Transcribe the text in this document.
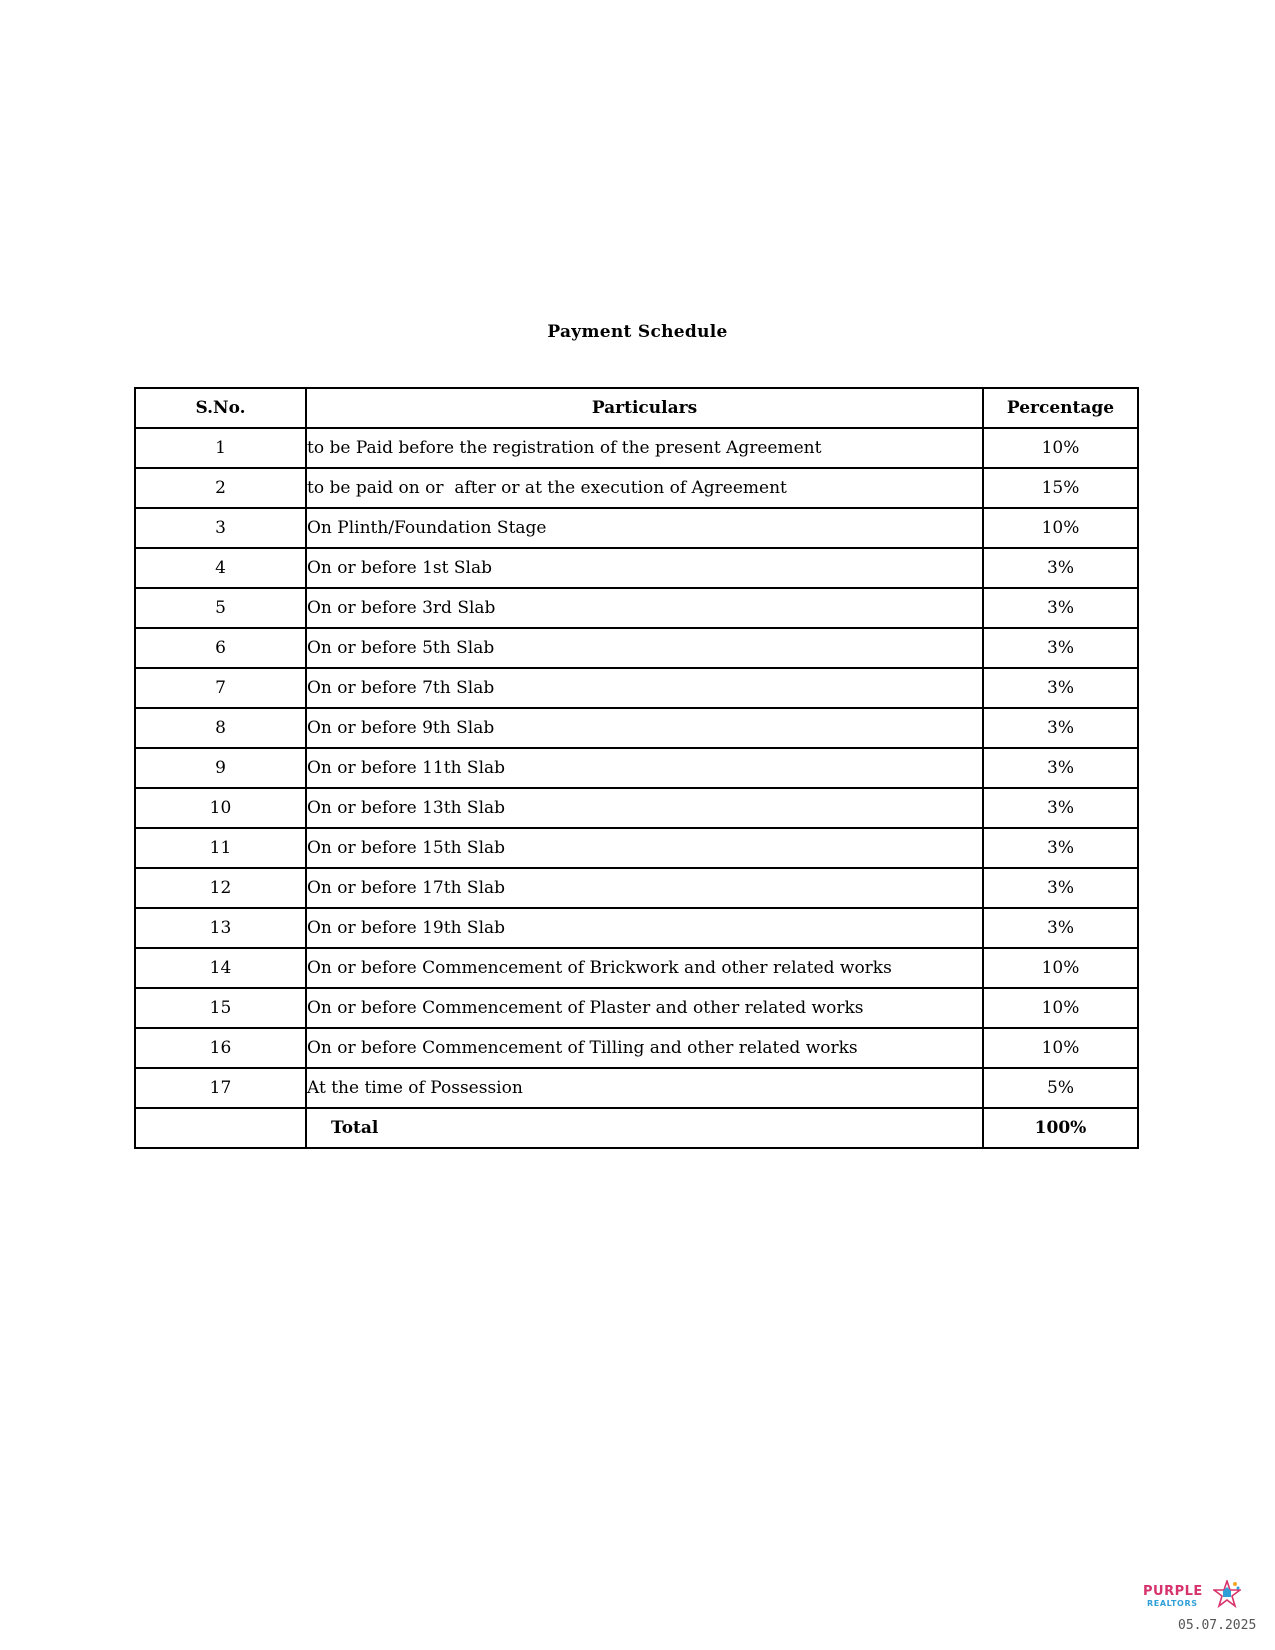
Payment Schedule
S.No.	Particulars	Percentage
1	to be Paid before the registration of the present Agreement	10%
2	to be paid on or  after or at the execution of Agreement	15%
3	On Plinth/Foundation Stage	10%
4	On or before 1st Slab	3%
5	On or before 3rd Slab	3%
6	On or before 5th Slab	3%
7	On or before 7th Slab	3%
8	On or before 9th Slab	3%
9	On or before 11th Slab	3%
10	On or before 13th Slab	3%
11	On or before 15th Slab	3%
12	On or before 17th Slab	3%
13	On or before 19th Slab	3%
14	On or before Commencement of Brickwork and other related works	10%
15	On or before Commencement of Plaster and other related works	10%
16	On or before Commencement of Tilling and other related works	10%
17	At the time of Possession	5%
	Total	100%
PURPLE
REALTORS
05.07.2025
